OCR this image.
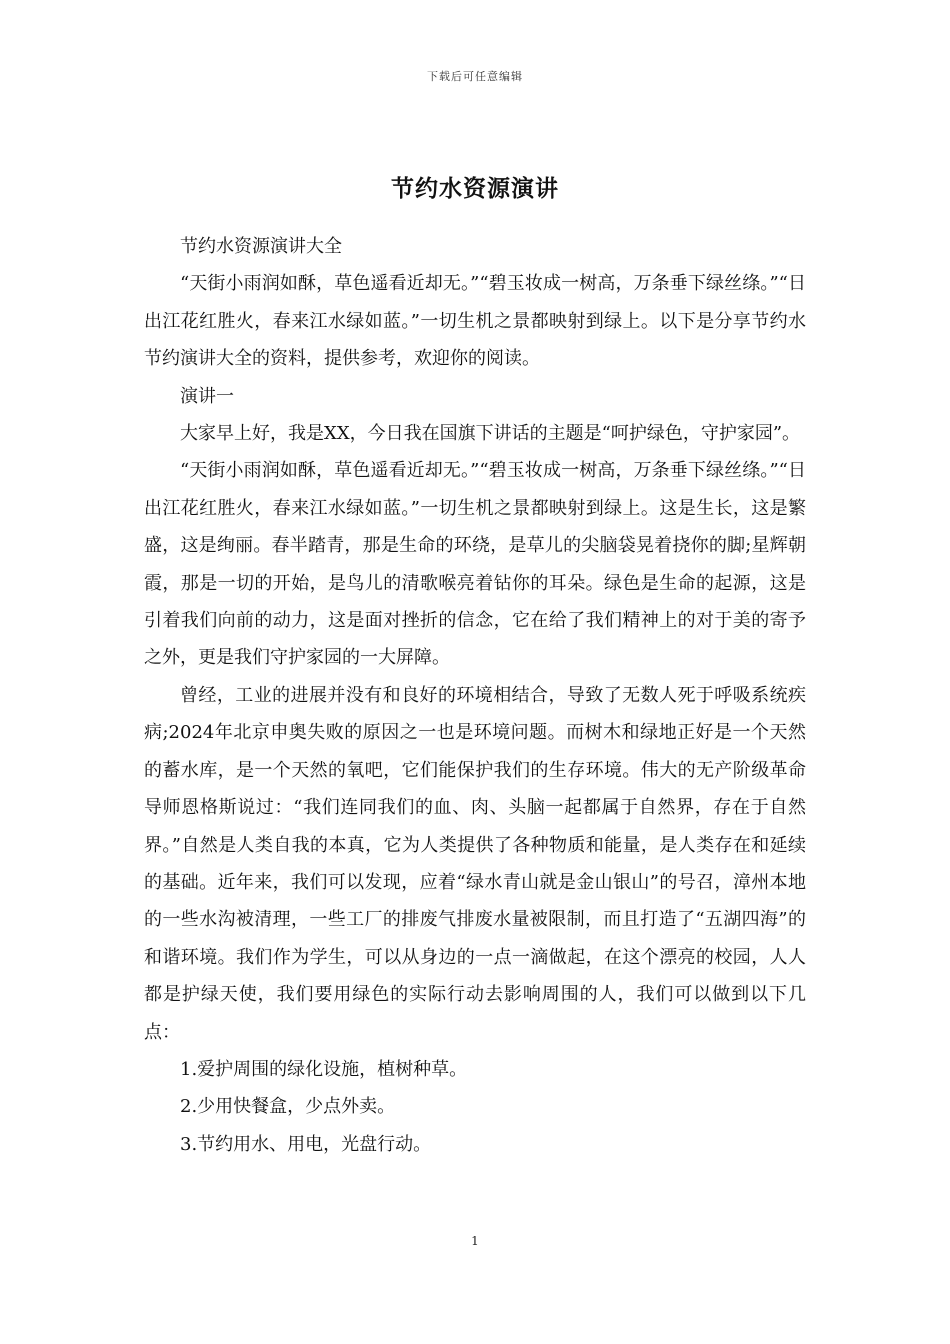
下载后可任意编辑
节约水资源演讲

节约水资源演讲大全

“天街小雨润如酥，草色遥看近却无。”“碧玉妆成一树高，万条垂下绿丝绦。”“日出江花红胜火，春来江水绿如蓝。”一切生机之景都映射到绿上。以下是分享节约水节约演讲大全的资料，提供参考，欢迎你的阅读。

演讲一

大家早上好，我是XX，今日我在国旗下讲话的主题是“呵护绿色，守护家园”。

“天街小雨润如酥，草色遥看近却无。”“碧玉妆成一树高，万条垂下绿丝绦。”“日出江花红胜火，春来江水绿如蓝。”一切生机之景都映射到绿上。这是生长，这是繁盛，这是绚丽。春半踏青，那是生命的环绕，是草儿的尖脑袋晃着挠你的脚;星辉朝霞，那是一切的开始，是鸟儿的清歌喉亮着钻你的耳朵。绿色是生命的起源，这是引着我们向前的动力，这是面对挫折的信念，它在给了我们精神上的对于美的寄予之外，更是我们守护家园的一大屏障。

曾经，工业的进展并没有和良好的环境相结合，导致了无数人死于呼吸系统疾病;2024年北京申奥失败的原因之一也是环境问题。而树木和绿地正好是一个天然的蓄水库，是一个天然的氧吧，它们能保护我们的生存环境。伟大的无产阶级革命导师恩格斯说过：“我们连同我们的血、肉、头脑一起都属于自然界，存在于自然界。”自然是人类自我的本真，它为人类提供了各种物质和能量，是人类存在和延续的基础。近年来，我们可以发现，应着“绿水青山就是金山银山”的号召，漳州本地的一些水沟被清理，一些工厂的排废气排废水量被限制，而且打造了“五湖四海”的和谐环境。我们作为学生，可以从身边的一点一滴做起，在这个漂亮的校园，人人都是护绿天使，我们要用绿色的实际行动去影响周围的人，我们可以做到以下几点：

1.爱护周围的绿化设施，植树种草。

2.少用快餐盒，少点外卖。

3.节约用水、用电，光盘行动。

1
